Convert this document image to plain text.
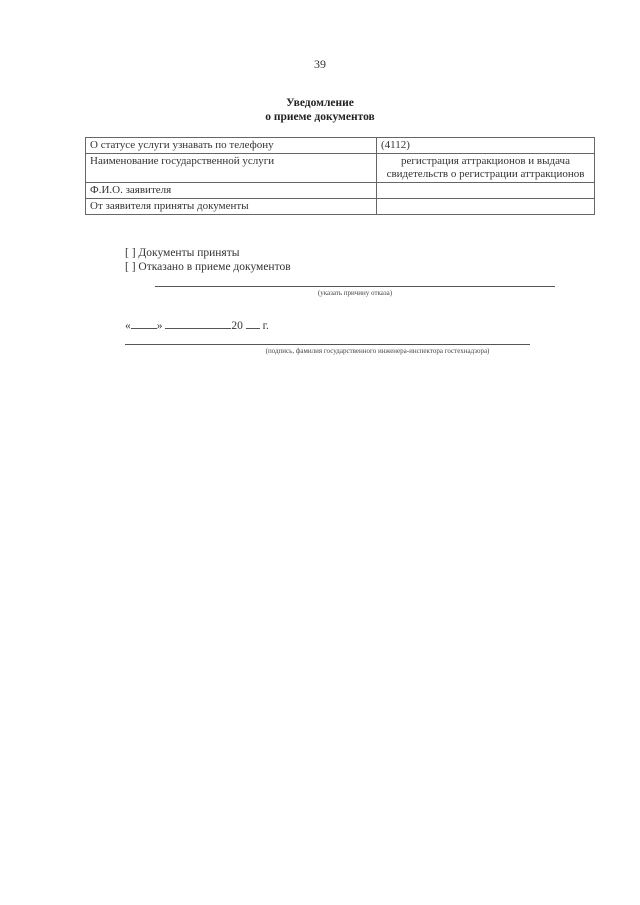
39
Уведомление
о приеме документов
О статусе услуги узнавать по телефону	(4112)
Наименование государственной услуги	регистрация аттракционов и выдача свидетельств о регистрации аттракционов
Ф.И.О. заявителя	
От заявителя приняты документы	
[ ] Документы приняты
[ ] Отказано в приеме документов
(указать причину отказа)
« »	20 г.
(подпись, фамилия государственного инженера-инспектора гостехнадзора)
